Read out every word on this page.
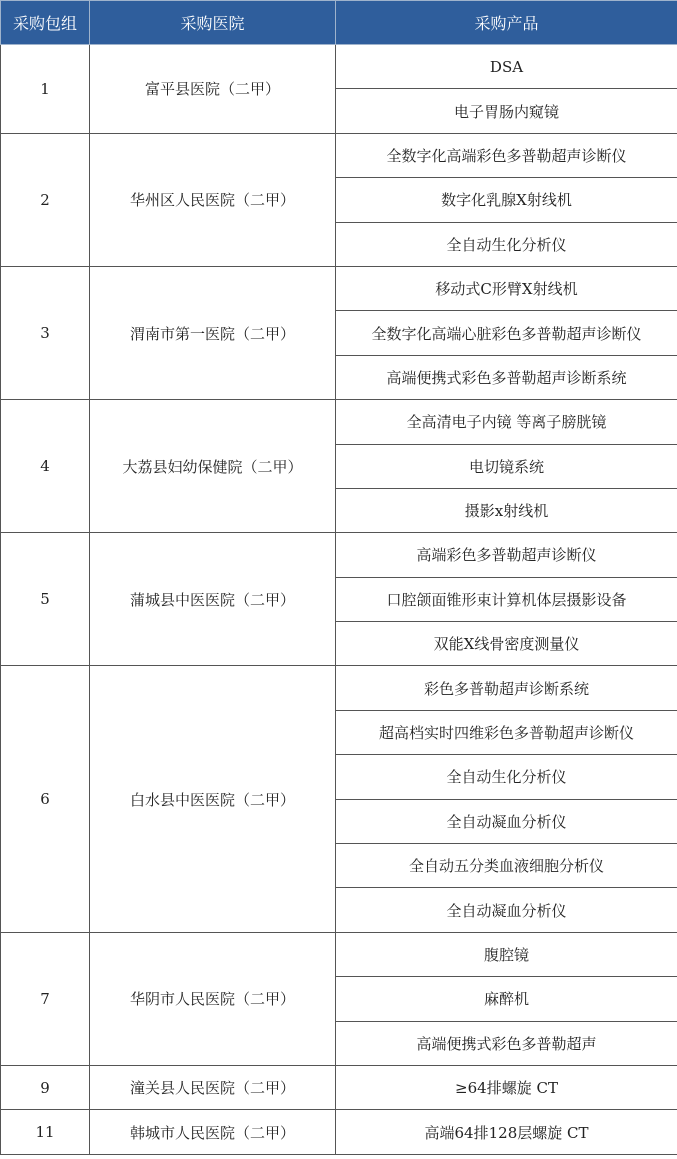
采购包组	采购医院	采购产品
1	富平县医院（二甲）	DSA
		电子胃肠内窥镜
2	华州区人民医院（二甲）	全数字化高端彩色多普勒超声诊断仪
		数字化乳腺X射线机
		全自动生化分析仪
3	渭南市第一医院（二甲）	移动式C形臂X射线机
		全数字化高端心脏彩色多普勒超声诊断仪
		高端便携式彩色多普勒超声诊断系统
4	大荔县妇幼保健院（二甲）	全高清电子内镜 等离子膀胱镜
		电切镜系统
		摄影x射线机
5	蒲城县中医医院（二甲）	高端彩色多普勒超声诊断仪
		口腔颌面锥形束计算机体层摄影设备
		双能X线骨密度测量仪
6	白水县中医医院（二甲）	彩色多普勒超声诊断系统
		超高档实时四维彩色多普勒超声诊断仪
		全自动生化分析仪
		全自动凝血分析仪
		全自动五分类血液细胞分析仪
		全自动凝血分析仪
7	华阴市人民医院（二甲）	腹腔镜
		麻醉机
		高端便携式彩色多普勒超声
9	潼关县人民医院（二甲）	≥64排螺旋 CT
11	韩城市人民医院（二甲）	高端64排128层螺旋 CT
